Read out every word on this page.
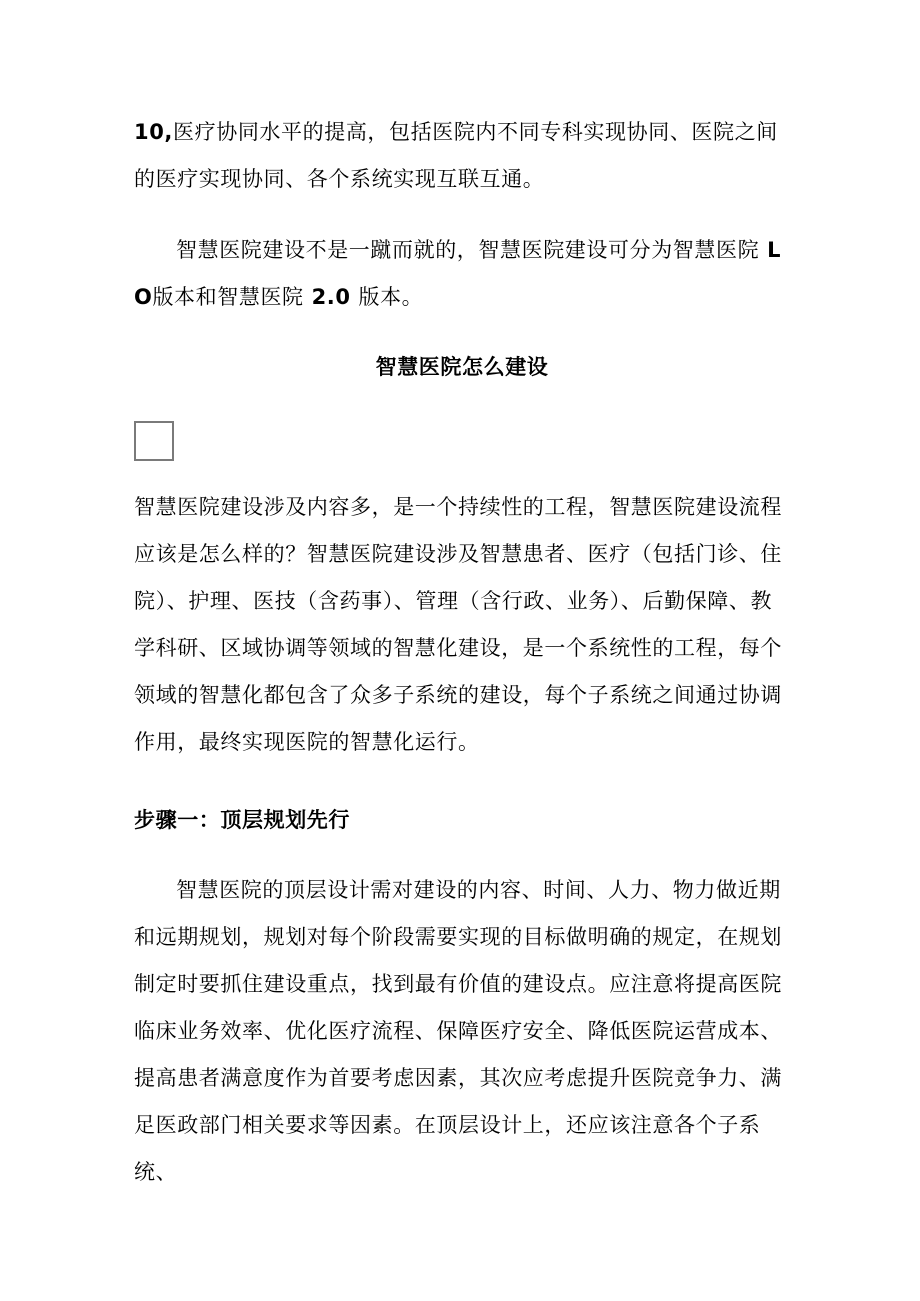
10,医疗协同水平的提高，包括医院内不同专科实现协同、医院之间的医疗实现协同、各个系统实现互联互通。

智慧医院建设不是一蹴而就的，智慧医院建设可分为智慧医院 LO版本和智慧医院 2.0 版本。

智慧医院怎么建设

智慧医院建设涉及内容多，是一个持续性的工程，智慧医院建设流程应该是怎么样的？智慧医院建设涉及智慧患者、医疗（包括门诊、住院）、护理、医技（含药事）、管理（含行政、业务）、后勤保障、教学科研、区域协调等领域的智慧化建设，是一个系统性的工程，每个领域的智慧化都包含了众多子系统的建设，每个子系统之间通过协调作用，最终实现医院的智慧化运行。

步骤一：顶层规划先行

智慧医院的顶层设计需对建设的内容、时间、人力、物力做近期和远期规划，规划对每个阶段需要实现的目标做明确的规定，在规划制定时要抓住建设重点，找到最有价值的建设点。应注意将提高医院临床业务效率、优化医疗流程、保障医疗安全、降低医院运营成本、提高患者满意度作为首要考虑因素，其次应考虑提升医院竞争力、满足医政部门相关要求等因素。在顶层设计上，还应该注意各个子系统、
